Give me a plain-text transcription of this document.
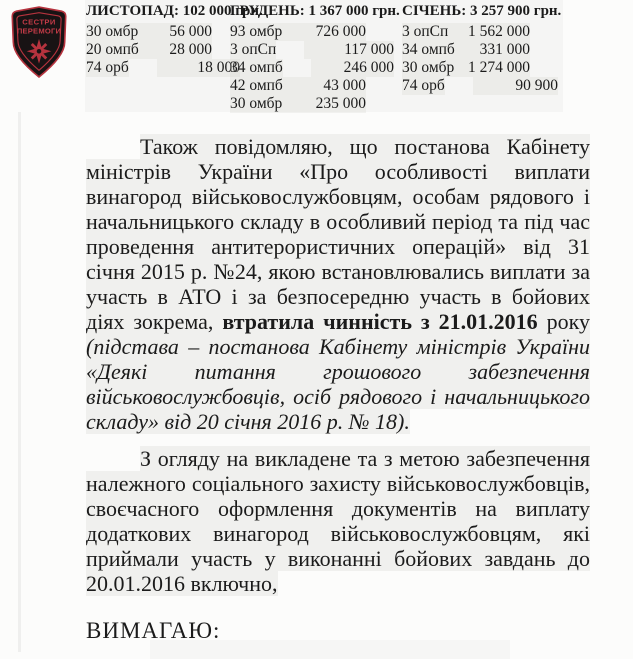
СЕСТРИ
ПЕРЕМОГИ
ЛИСТОПАД: 102 000 грн.
30 омбр	56 000
20 омпб	28 000
74 орб	18 000
ГРУДЕНЬ: 1 367 000 грн.
93 омбр	726 000
3 опСп	117 000
34 омпб	246 000
42 омпб	43 000
30 омбр	235 000
СІЧЕНЬ: 3 257 900 грн.
3 опСп	1 562 000
34 омпб	331 000
30 омбр 1 274 000
74 орб	90 900

Також повідомляю, що постанова Кабінету міністрів України «Про особливості виплати винагород військовослужбовцям, особам рядового і начальницького складу в особливий період та під час проведення антитерористичних операцій» від 31 січня 2015 р. №24, якою встановлювались виплати за участь в АТО і за безпосередню участь в бойових діях зокрема, втратила чинність з 21.01.2016 року (підстава – постанова Кабінету міністрів України «Деякі питання грошового забезпечення військовослужбовців, осіб рядового і начальницького складу» від 20 січня 2016 р. № 18).

З огляду на викладене та з метою забезпечення належного соціального захисту військовослужбовців, своєчасного оформлення документів на виплату додаткових винагород військовослужбовцям, які приймали участь у виконанні бойових завдань до 20.01.2016 включно,

ВИМАГАЮ:
